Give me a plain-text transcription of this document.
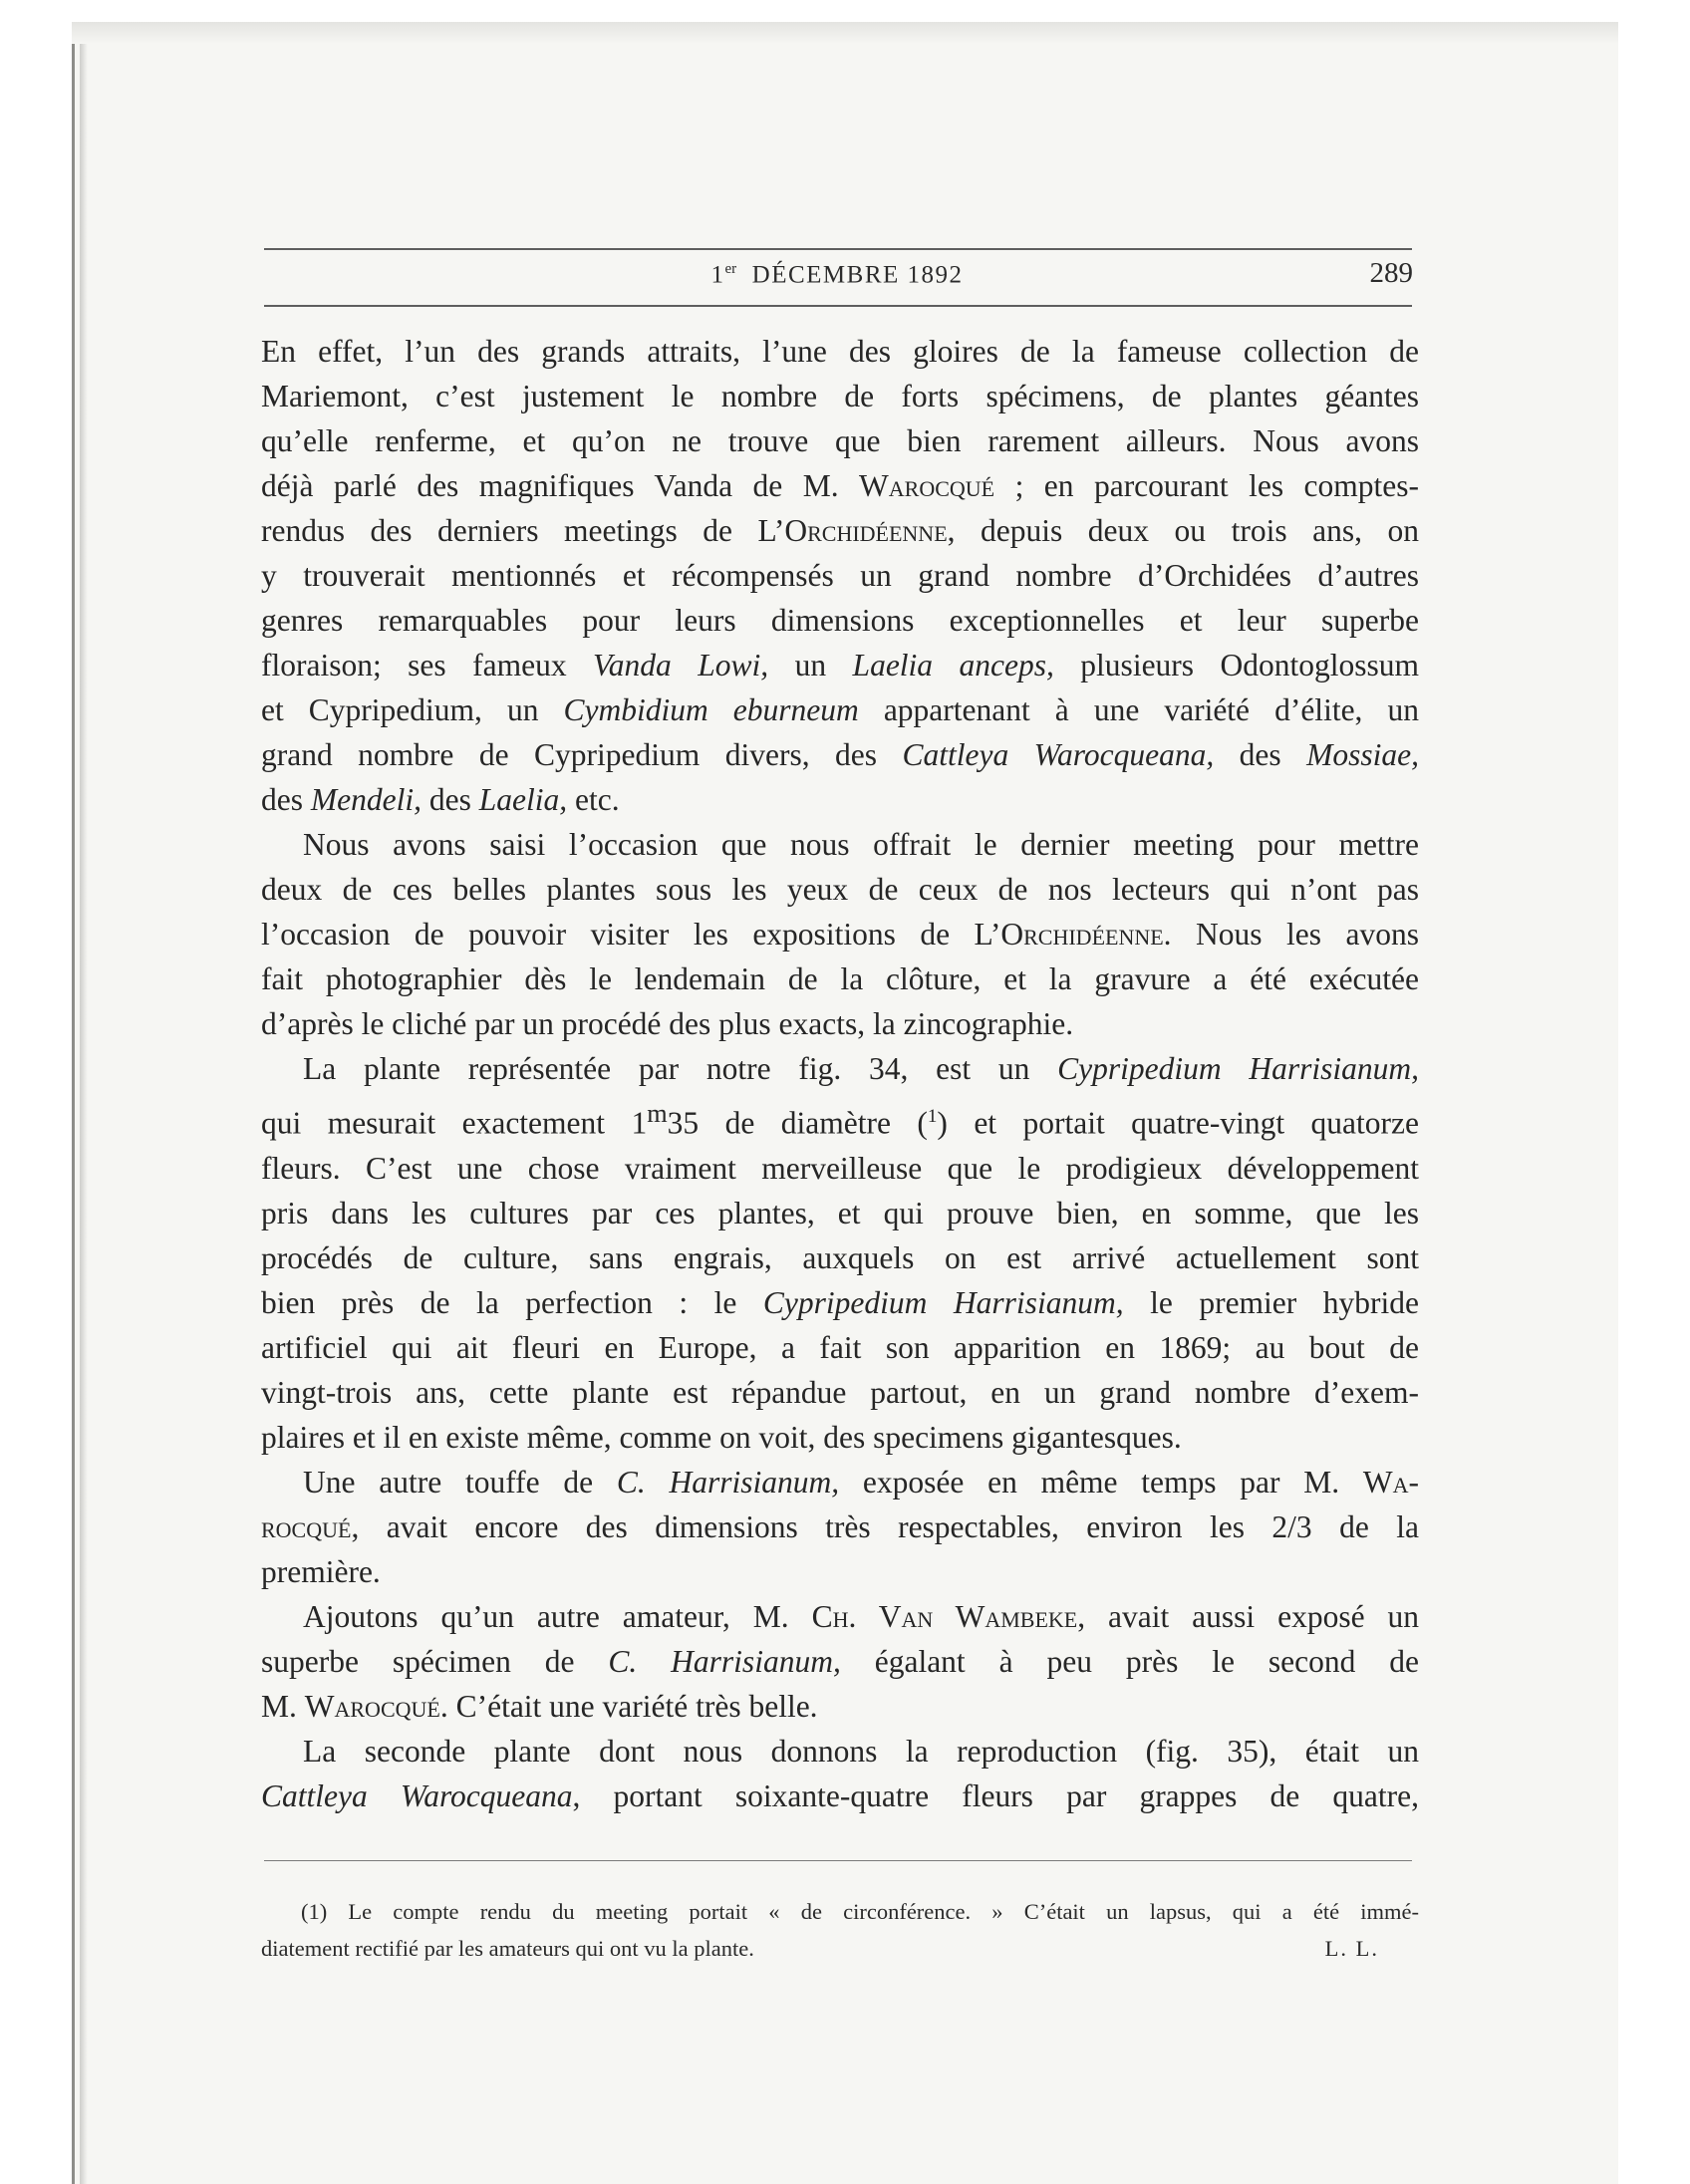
1er DÉCEMBRE 1892	289
En effet, l’un des grands attraits, l’une des gloires de la fameuse collection de
Mariemont, c’est justement le nombre de forts spécimens, de plantes géantes
qu’elle renferme, et qu’on ne trouve que bien rarement ailleurs. Nous avons
déjà parlé des magnifiques Vanda de M. Warocqué ; en parcourant les comptes-
rendus des derniers meetings de L’Orchidéenne, depuis deux ou trois ans, on
y trouverait mentionnés et récompensés un grand nombre d’Orchidées d’autres
genres remarquables pour leurs dimensions exceptionnelles et leur superbe
floraison; ses fameux Vanda Lowi, un Laelia anceps, plusieurs Odontoglossum
et Cypripedium, un Cymbidium eburneum appartenant à une variété d’élite, un
grand nombre de Cypripedium divers, des Cattleya Warocqueana, des Mossiae,
des Mendeli, des Laelia, etc.
Nous avons saisi l’occasion que nous offrait le dernier meeting pour mettre
deux de ces belles plantes sous les yeux de ceux de nos lecteurs qui n’ont pas
l’occasion de pouvoir visiter les expositions de L’Orchidéenne. Nous les avons
fait photographier dès le lendemain de la clôture, et la gravure a été exécutée
d’après le cliché par un procédé des plus exacts, la zincographie.
La plante représentée par notre fig. 34, est un Cypripedium Harrisianum,
qui mesurait exactement 1$^m$35 de diamètre ($^1$) et portait quatre-vingt quatorze
fleurs. C’est une chose vraiment merveilleuse que le prodigieux développement
pris dans les cultures par ces plantes, et qui prouve bien, en somme, que les
procédés de culture, sans engrais, auxquels on est arrivé actuellement sont
bien près de la perfection : le Cypripedium Harrisianum, le premier hybride
artificiel qui ait fleuri en Europe, a fait son apparition en 1869; au bout de
vingt-trois ans, cette plante est répandue partout, en un grand nombre d’exem-
plaires et il en existe même, comme on voit, des specimens gigantesques.
Une autre touffe de C. Harrisianum, exposée en même temps par M. Wa-
rocqué, avait encore des dimensions très respectables, environ les 2/3 de la
première.
Ajoutons qu’un autre amateur, M. Ch. Van Wambeke, avait aussi exposé un
superbe spécimen de C. Harrisianum, égalant à peu près le second de
M. Warocqué. C’était une variété très belle.
La seconde plante dont nous donnons la reproduction (fig. 35), était un
Cattleya Warocqueana, portant soixante-quatre fleurs par grappes de quatre,
(1) Le compte rendu du meeting portait « de circonférence. » C’était un lapsus, qui a été immé-
diatement rectifié par les amateurs qui ont vu la plante.	L. L.
